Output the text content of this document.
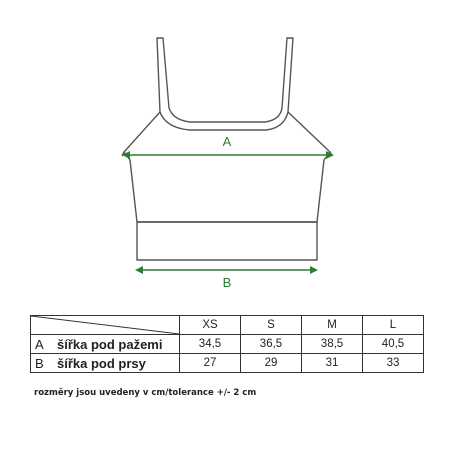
A
B
	XS	S	M	L
A šířka pod pažemi	34,5	36,5	38,5	40,5
B šířka pod prsy	27	29	31	33
rozměry jsou uvedeny v cm/tolerance +/- 2 cm
